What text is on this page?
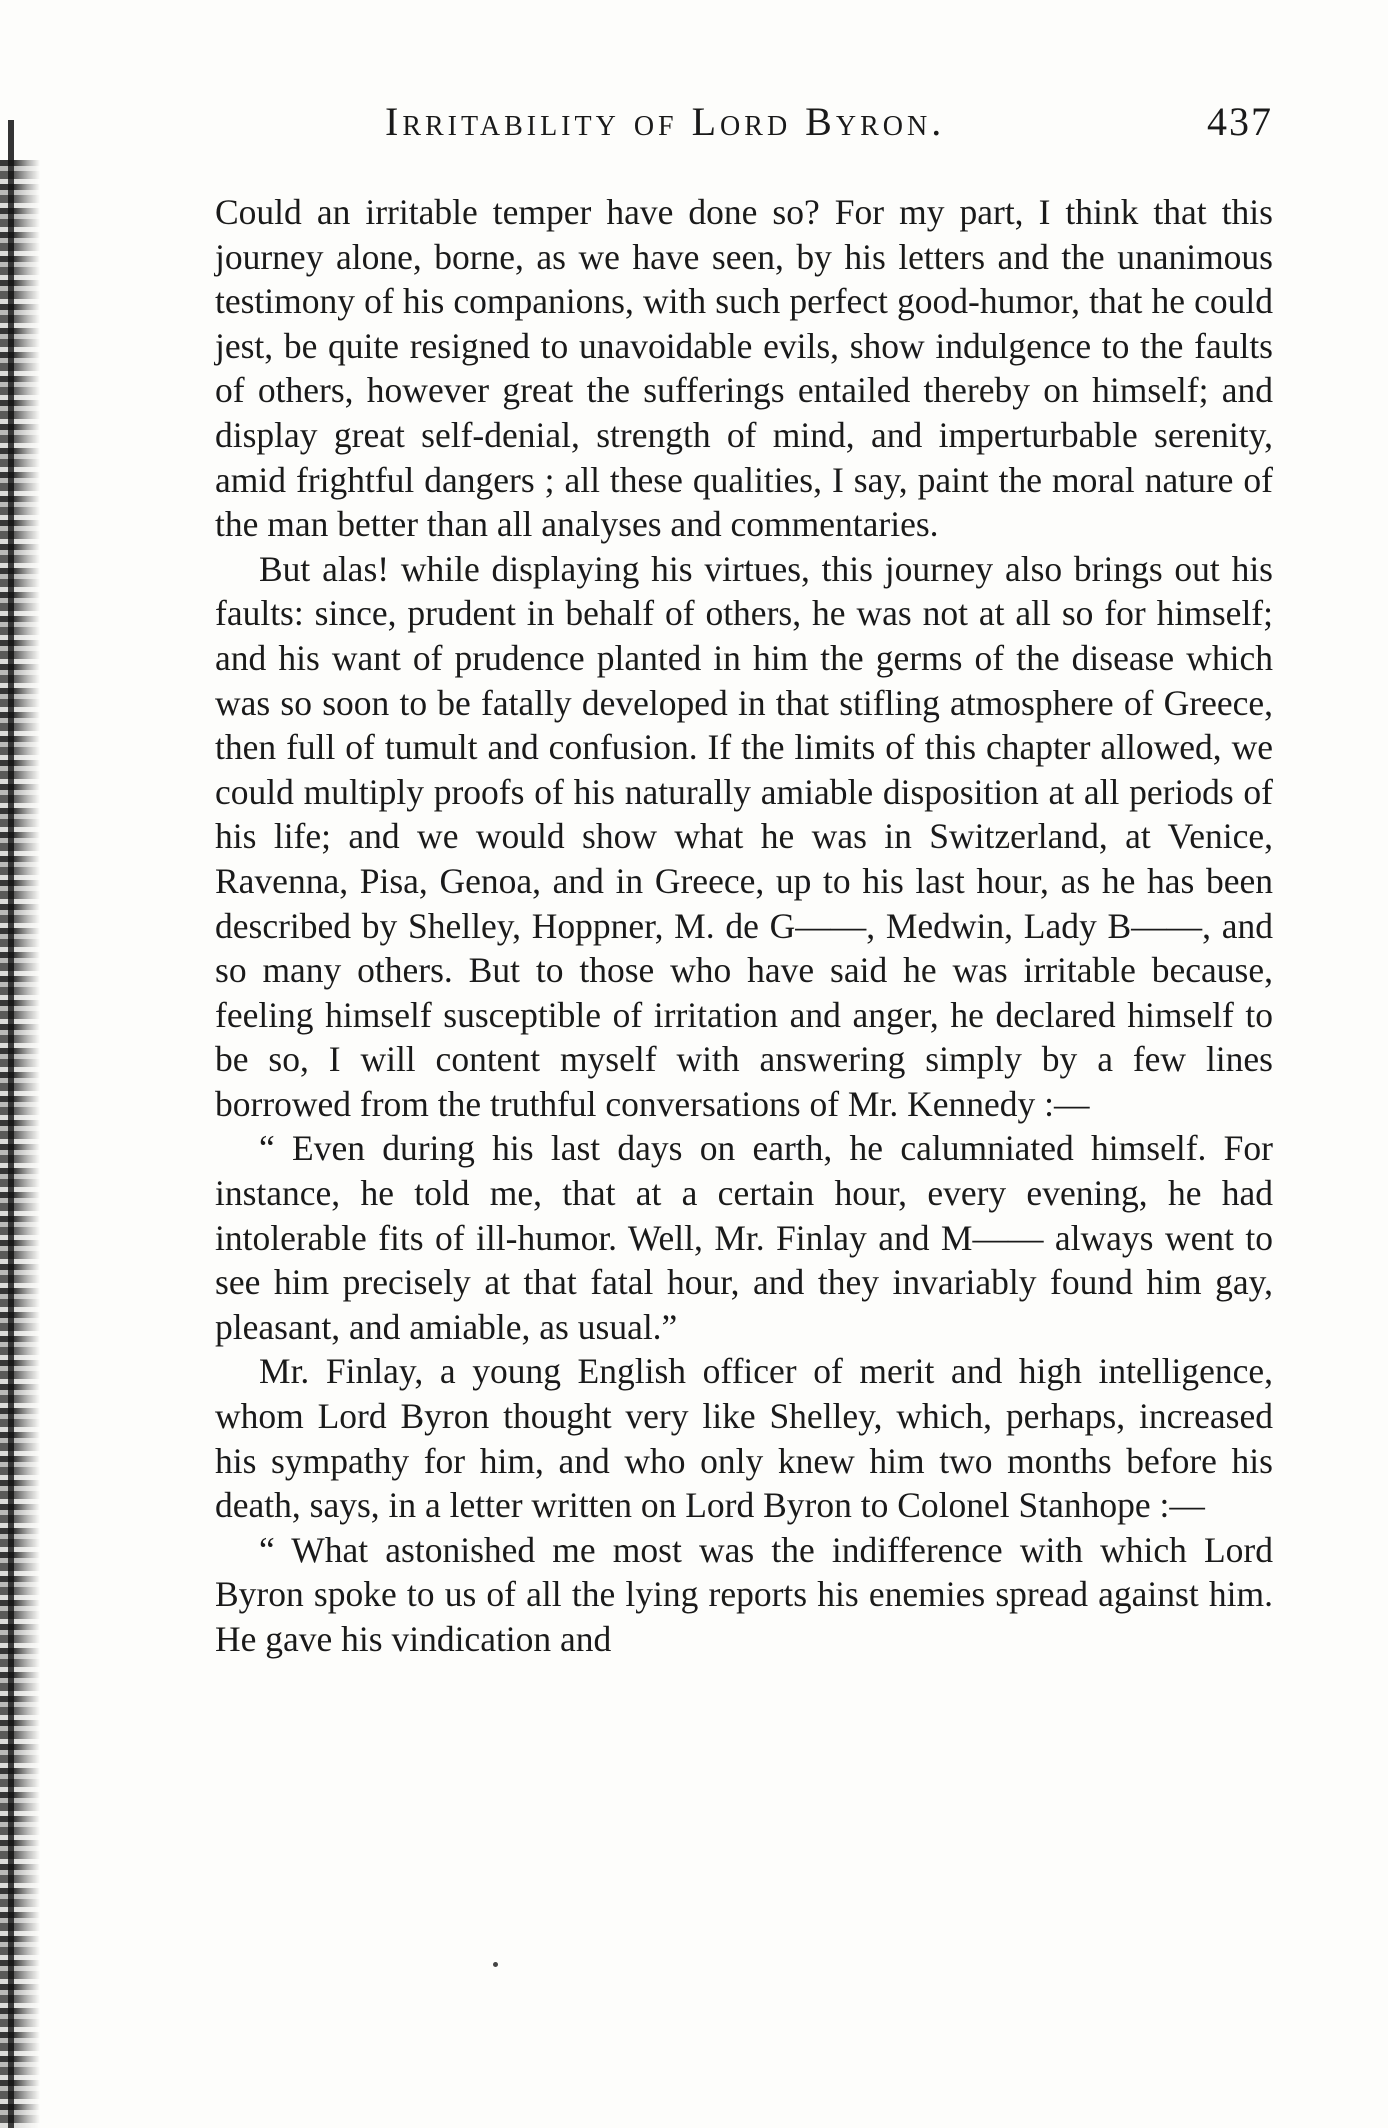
Irritability of Lord Byron.	437

Could an irritable temper have done so? For my part, I think that this journey alone, borne, as we have seen, by his letters and the unanimous testimony of his companions, with such perfect good-humor, that he could jest, be quite resigned to unavoidable evils, show indulgence to the faults of others, however great the sufferings entailed thereby on himself; and display great self-denial, strength of mind, and imperturbable serenity, amid frightful dangers ; all these qualities, I say, paint the moral nature of the man better than all analyses and commentaries.

But alas! while displaying his virtues, this journey also brings out his faults: since, prudent in behalf of others, he was not at all so for himself; and his want of prudence planted in him the germs of the disease which was so soon to be fatally developed in that stifling atmosphere of Greece, then full of tumult and confusion. If the limits of this chapter allowed, we could multiply proofs of his naturally amiable disposition at all periods of his life; and we would show what he was in Switzerland, at Venice, Ravenna, Pisa, Genoa, and in Greece, up to his last hour, as he has been described by Shelley, Hoppner, M. de G——, Medwin, Lady B——, and so many others. But to those who have said he was irritable because, feeling himself susceptible of irritation and anger, he declared himself to be so, I will content myself with answering simply by a few lines borrowed from the truthful conversations of Mr. Kennedy :—

“ Even during his last days on earth, he calumniated himself. For instance, he told me, that at a certain hour, every evening, he had intolerable fits of ill-humor. Well, Mr. Finlay and M—— always went to see him precisely at that fatal hour, and they invariably found him gay, pleasant, and amiable, as usual.”

Mr. Finlay, a young English officer of merit and high intelligence, whom Lord Byron thought very like Shelley, which, perhaps, increased his sympathy for him, and who only knew him two months before his death, says, in a letter written on Lord Byron to Colonel Stanhope :—

“ What astonished me most was the indifference with which Lord Byron spoke to us of all the lying reports his enemies spread against him. He gave his vindication and
